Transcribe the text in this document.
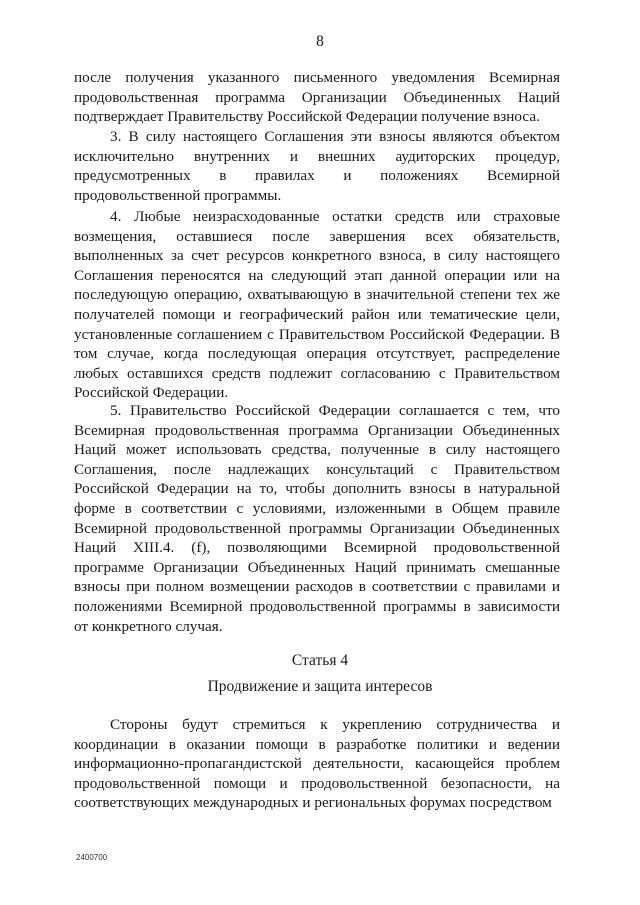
8

после получения указанного письменного уведомления Всемирная продовольственная программа Организации Объединенных Наций подтверждает Правительству Российской Федерации получение взноса.

3. В силу настоящего Соглашения эти взносы являются объектом исключительно внутренних и внешних аудиторских процедур, предусмотренных в правилах и положениях Всемирной продовольственной программы.

4. Любые неизрасходованные остатки средств или страховые возмещения, оставшиеся после завершения всех обязательств, выполненных за счет ресурсов конкретного взноса, в силу настоящего Соглашения переносятся на следующий этап данной операции или на последующую операцию, охватывающую в значительной степени тех же получателей помощи и географический район или тематические цели, установленные соглашением с Правительством Российской Федерации. В том случае, когда последующая операция отсутствует, распределение любых оставшихся средств подлежит согласованию с Правительством Российской Федерации.

5. Правительство Российской Федерации соглашается с тем, что Всемирная продовольственная программа Организации Объединенных Наций может использовать средства, полученные в силу настоящего Соглашения, после надлежащих консультаций с Правительством Российской Федерации на то, чтобы дополнить взносы в натуральной форме в соответствии с условиями, изложенными в Общем правиле Всемирной продовольственной программы Организации Объединенных Наций XIII.4. (f), позволяющими Всемирной продовольственной программе Организации Объединенных Наций принимать смешанные взносы при полном возмещении расходов в соответствии с правилами и положениями Всемирной продовольственной программы в зависимости от конкретного случая.

Статья 4
Продвижение и защита интересов

Стороны будут стремиться к укреплению сотрудничества и координации в оказании помощи в разработке политики и ведении информационно-пропагандистской деятельности, касающейся проблем продовольственной помощи и продовольственной безопасности, на соответствующих международных и региональных форумах посредством

2400700
